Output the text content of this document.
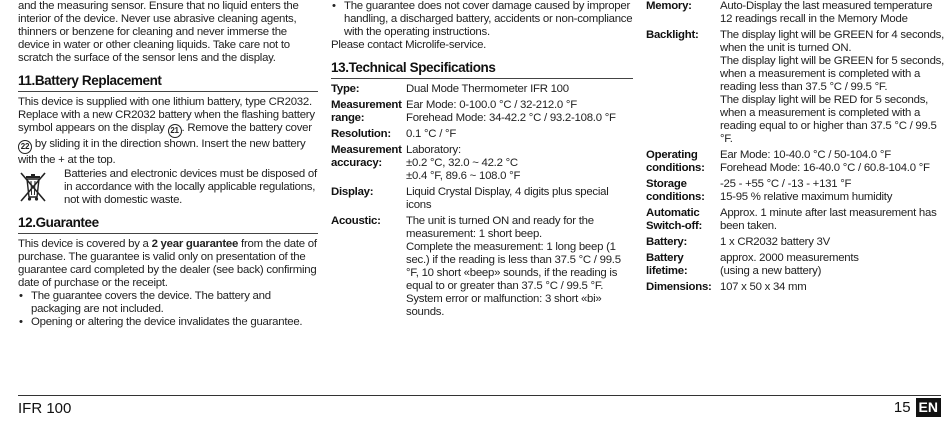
and the measuring sensor. Ensure that no liquid enters the interior of the device. Never use abrasive cleaning agents, thinners or benzene for cleaning and never immerse the device in water or other cleaning liquids. Take care not to scratch the surface of the sensor lens and the display.

11.Battery Replacement

This device is supplied with one lithium battery, type CR2032. Replace with a new CR2032 battery when the flashing battery symbol appears on the display 21 . Remove the battery cover 22 by sliding it in the direction shown. Insert the new battery with the + at the top.

Batteries and electronic devices must be disposed of in accordance with the locally applicable regulations, not with domestic waste.

12.Guarantee

This device is covered by a 2 year guarantee from the date of purchase. The guarantee is valid only on presentation of the guarantee card completed by the dealer (see back) confirming date of purchase or the receipt.

• The guarantee covers the device. The battery and packaging are not included.
• Opening or altering the device invalidates the guarantee.
• The guarantee does not cover damage caused by improper handling, a discharged battery, accidents or non-compliance with the operating instructions.

Please contact Microlife-service.

13.Technical Specifications
Type:	Dual Mode Thermometer IFR 100
Measurement range:	Ear Mode: 0-100.0 °C / 32-212.0 °F
Forehead Mode: 34-42.2 °C / 93.2-108.0 °F
Resolution:	0.1 °C / °F
Measurement accuracy:	Laboratory:
±0.2 °C, 32.0 ~ 42.2 °C
±0.4 °F, 89.6 ~ 108.0 °F
Display:	Liquid Crystal Display, 4 digits plus special icons
Acoustic:	The unit is turned ON and ready for the measurement: 1 short beep.
Complete the measurement: 1 long beep (1 sec.) if the reading is less than 37.5 °C / 99.5 °F, 10 short «beep» sounds, if the reading is equal to or greater than 37.5 °C / 99.5 °F.
System error or malfunction: 3 short «bi» sounds.
Memory:	Auto-Display the last measured temperature
12 readings recall in the Memory Mode
Backlight:	The display light will be GREEN for 4 seconds, when the unit is turned ON.
The display light will be GREEN for 5 seconds, when a measurement is completed with a reading less than 37.5 °C / 99.5 °F.
The display light will be RED for 5 seconds, when a measurement is completed with a reading equal to or higher than 37.5 °C / 99.5 °F.
Operating conditions:	Ear Mode: 10-40.0 °C / 50-104.0 °F
Forehead Mode: 16-40.0 °C / 60.8-104.0 °F
Storage conditions:	-25 - +55 °C / -13 - +131 °F
15-95 % relative maximum humidity
Automatic Switch-off:	Approx. 1 minute after last measurement has been taken.
Battery:	1 x CR2032 battery 3V
Battery lifetime:	approx. 2000 measurements
(using a new battery)
Dimensions:	107 x 50 x 34 mm
IFR 100	15 EN
